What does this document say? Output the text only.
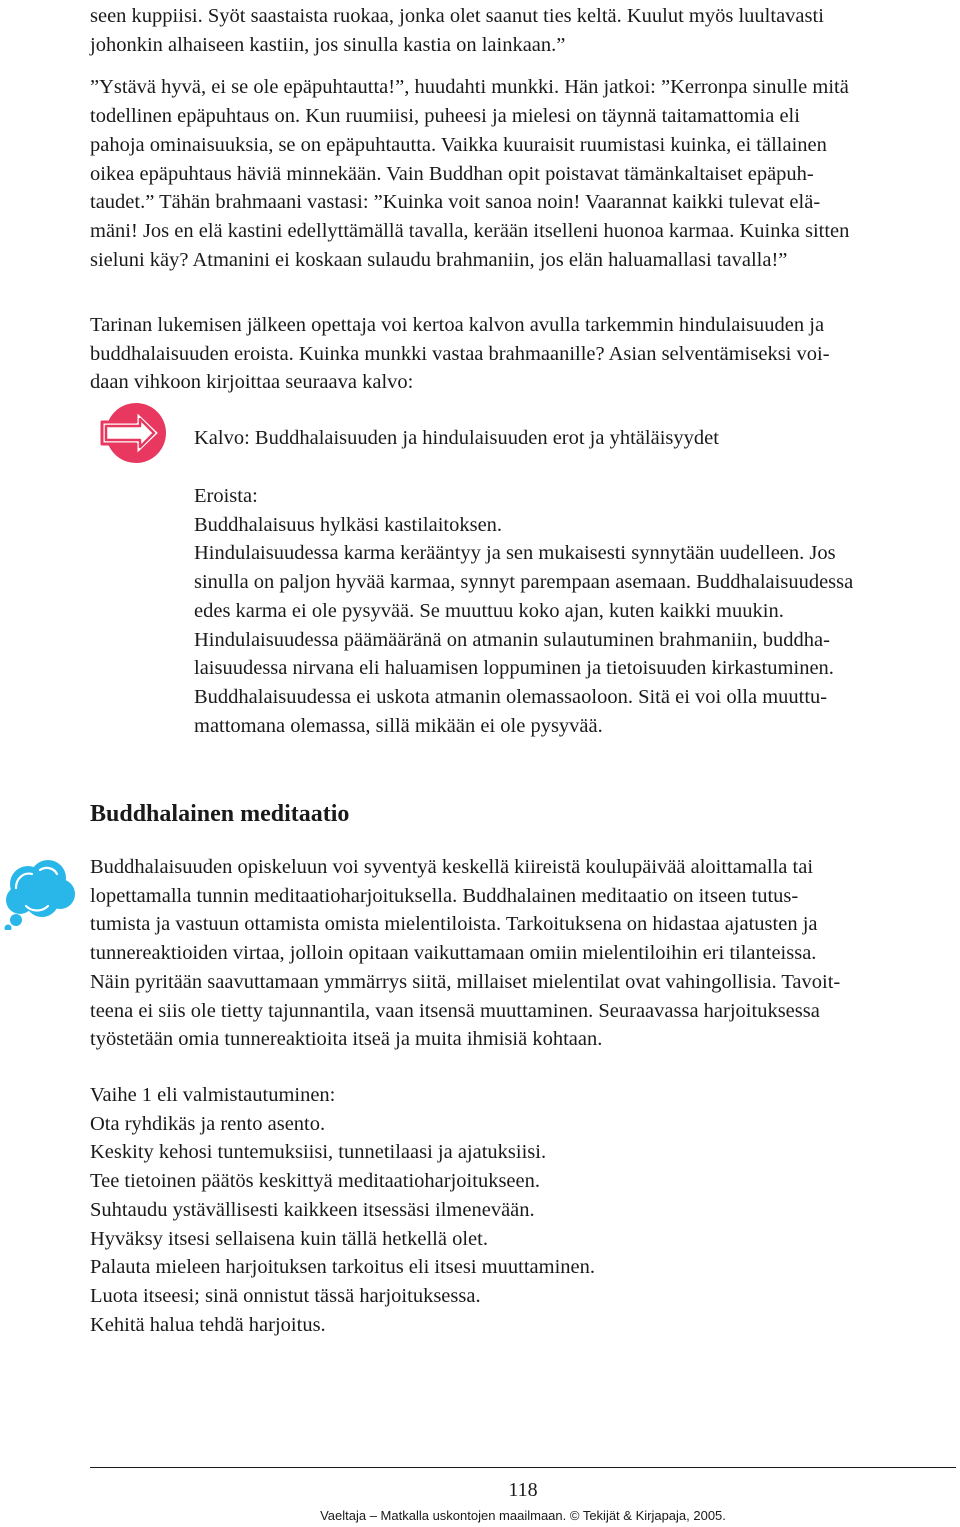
seen kuppiisi. Syöt saastaista ruokaa, jonka olet saanut ties keltä. Kuulut myös luultavasti
johonkin alhaiseen kastiin, jos sinulla kastia on lainkaan.”
”Ystävä hyvä, ei se ole epäpuhtautta!”, huudahti munkki. Hän jatkoi: ”Kerronpa sinulle mitä
todellinen epäpuhtaus on. Kun ruumiisi, puheesi ja mielesi on täynnä taitamattomia eli
pahoja ominaisuuksia, se on epäpuhtautta. Vaikka kuuraisit ruumistasi kuinka, ei tällainen
oikea epäpuhtaus häviä minnekään. Vain Buddhan opit poistavat tämänkaltaiset epäpuh-
taudet.” Tähän brahmaani vastasi: ”Kuinka voit sanoa noin! Vaarannat kaikki tulevat elä-
mäni! Jos en elä kastini edellyttämällä tavalla, kerään itselleni huonoa karmaa. Kuinka sitten
sieluni käy? Atmanini ei koskaan sulaudu brahmaniin, jos elän haluamallasi tavalla!”
Tarinan lukemisen jälkeen opettaja voi kertoa kalvon avulla tarkemmin hindulaisuuden ja
buddhalaisuuden eroista. Kuinka munkki vastaa brahmaanille? Asian selventämiseksi voi-
daan vihkoon kirjoittaa seuraava kalvo:
Kalvo: Buddhalaisuuden ja hindulaisuuden erot ja yhtäläisyydet
Eroista:
Buddhalaisuus hylkäsi kastilaitoksen.
Hindulaisuudessa karma kerääntyy ja sen mukaisesti synnytään uudelleen. Jos
sinulla on paljon hyvää karmaa, synnyt parempaan asemaan. Buddhalaisuudessa
edes karma ei ole pysyvää. Se muuttuu koko ajan, kuten kaikki muukin.
Hindulaisuudessa päämääränä on atmanin sulautuminen brahmaniin, buddha-
laisuudessa nirvana eli haluamisen loppuminen ja tietoisuuden kirkastuminen.
Buddhalaisuudessa ei uskota atmanin olemassaoloon. Sitä ei voi olla muuttu-
mattomana olemassa, sillä mikään ei ole pysyvää.
Buddhalainen meditaatio
Buddhalaisuuden opiskeluun voi syventyä keskellä kiireistä koulupäivää aloittamalla tai
lopettamalla tunnin meditaatioharjoituksella. Buddhalainen meditaatio on itseen tutus-
tumista ja vastuun ottamista omista mielentiloista. Tarkoituksena on hidastaa ajatusten ja
tunnereaktioiden virtaa, jolloin opitaan vaikuttamaan omiin mielentiloihin eri tilanteissa.
Näin pyritään saavuttamaan ymmärrys siitä, millaiset mielentilat ovat vahingollisia. Tavoit-
teena ei siis ole tietty tajunnantila, vaan itsensä muuttaminen. Seuraavassa harjoituksessa
työstetään omia tunnereaktioita itseä ja muita ihmisiä kohtaan.
Vaihe 1 eli valmistautuminen:
Ota ryhdikäs ja rento asento.
Keskity kehosi tuntemuksiisi, tunnetilaasi ja ajatuksiisi.
Tee tietoinen päätös keskittyä meditaatioharjoitukseen.
Suhtaudu ystävällisesti kaikkeen itsessäsi ilmenevään.
Hyväksy itsesi sellaisena kuin tällä hetkellä olet.
Palauta mieleen harjoituksen tarkoitus eli itsesi muuttaminen.
Luota itseesi; sinä onnistut tässä harjoituksessa.
Kehitä halua tehdä harjoitus.
118
Vaeltaja – Matkalla uskontojen maailmaan. © Tekijät & Kirjapaja, 2005.
